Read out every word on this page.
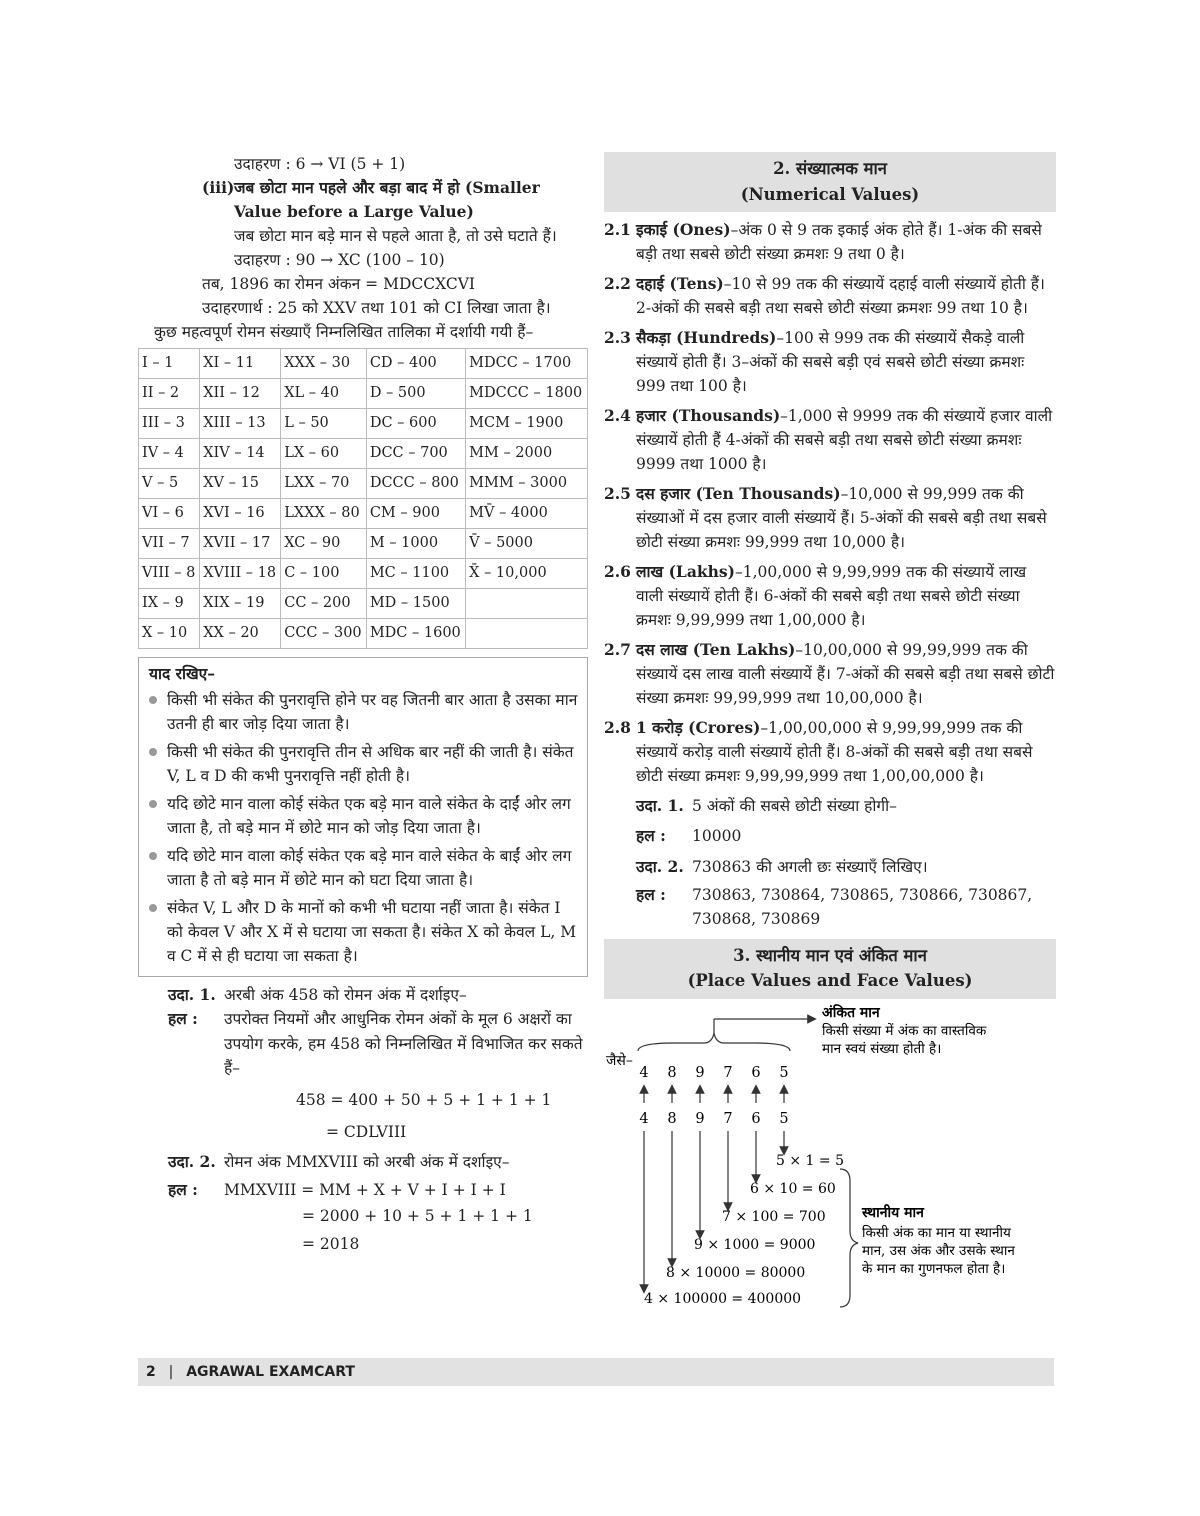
उदाहरण : 6 → VI (5 + 1)

(iii) जब छोटा मान पहले और बड़ा बाद में हो (Smaller Value before a Large Value)

जब छोटा मान बड़े मान से पहले आता है, तो उसे घटाते हैं।

उदाहरण : 90 → XC (100 – 10)

तब, 1896 का रोमन अंकन = MDCCXCVI

उदाहरणार्थ : 25 को XXV तथा 101 को CI लिखा जाता है।

कुछ महत्वपूर्ण रोमन संख्याएँ निम्नलिखित तालिका में दर्शायी गयी हैं–

I – 1	XI – 11	XXX – 30	CD – 400	MDCC – 1700
II – 2	XII – 12	XL – 40	D – 500	MDCCC – 1800
III – 3	XIII – 13	L – 50	DC – 600	MCM – 1900
IV – 4	XIV – 14	LX – 60	DCC – 700	MM – 2000
V – 5	XV – 15	LXX – 70	DCCC – 800	MMM – 3000
VI – 6	XVI – 16	LXXX – 80	CM – 900	MV̄ – 4000
VII – 7	XVII – 17	XC – 90	M – 1000	V̄ – 5000
VIII – 8	XVIII – 18	C – 100	MC – 1100	X̄ – 10,000
IX – 9	XIX – 19	CC – 200	MD – 1500	
X – 10	XX – 20	CCC – 300	MDC – 1600	

याद रखिए–

किसी भी संकेत की पुनरावृत्ति होने पर वह जितनी बार आता है उसका मान उतनी ही बार जोड़ दिया जाता है।
किसी भी संकेत की पुनरावृत्ति तीन से अधिक बार नहीं की जाती है। संकेत V, L व D की कभी पुनरावृत्ति नहीं होती है।
यदि छोटे मान वाला कोई संकेत एक बड़े मान वाले संकेत के दाईं ओर लग जाता है, तो बड़े मान में छोटे मान को जोड़ दिया जाता है।
यदि छोटे मान वाला कोई संकेत एक बड़े मान वाले संकेत के बाईं ओर लग जाता है तो बड़े मान में छोटे मान को घटा दिया जाता है।
संकेत V, L और D के मानों को कभी भी घटाया नहीं जाता है। संकेत I को केवल V और X में से घटाया जा सकता है। संकेत X को केवल L, M व C में से ही घटाया जा सकता है।
उदा. 1. अरबी अंक 458 को रोमन अंक में दर्शाइए–
हल :	उपरोक्त नियमों और आधुनिक रोमन अंकों के मूल 6 अक्षरों का उपयोग करके, हम 458 को निम्नलिखित में विभाजित कर सकते हैं–

458 = 400 + 50 + 5 + 1 + 1 + 1

= CDLVIII

उदा. 2. रोमन अंक MMXVIII को अरबी अंक में दर्शाइए–
हल :	MMXVIII = MM + X + V + I + I + I

= 2000 + 10 + 5 + 1 + 1 + 1

= 2018

2. संख्यात्मक मान
(Numerical Values)
2.1 इकाई (Ones)–अंक 0 से 9 तक इकाई अंक होते हैं। 1-अंक की सबसे बड़ी तथा सबसे छोटी संख्या क्रमशः 9 तथा 0 है।
2.2 दहाई (Tens)–10 से 99 तक की संख्यायें दहाई वाली संख्यायें होती हैं। 2-अंकों की सबसे बड़ी तथा सबसे छोटी संख्या क्रमशः 99 तथा 10 है।
2.3 सैकड़ा (Hundreds)–100 से 999 तक की संख्यायें सैकड़े वाली संख्यायें होती हैं। 3–अंकों की सबसे बड़ी एवं सबसे छोटी संख्या क्रमशः 999 तथा 100 है।
2.4 हजार (Thousands)–1,000 से 9999 तक की संख्यायें हजार वाली संख्यायें होती हैं 4-अंकों की सबसे बड़ी तथा सबसे छोटी संख्या क्रमशः 9999 तथा 1000 है।
2.5 दस हजार (Ten Thousands)–10,000 से 99,999 तक की संख्याओं में दस हजार वाली संख्यायें हैं। 5-अंकों की सबसे बड़ी तथा सबसे छोटी संख्या क्रमशः 99,999 तथा 10,000 है।
2.6 लाख (Lakhs)–1,00,000 से 9,99,999 तक की संख्यायें लाख वाली संख्यायें होती हैं। 6-अंकों की सबसे बड़ी तथा सबसे छोटी संख्या क्रमशः 9,99,999 तथा 1,00,000 है।
2.7 दस लाख (Ten Lakhs)–10,00,000 से 99,99,999 तक की संख्यायें दस लाख वाली संख्यायें हैं। 7-अंकों की सबसे बड़ी तथा सबसे छोटी संख्या क्रमशः 99,99,999 तथा 10,00,000 है।
2.8 1 करोड़ (Crores)–1,00,00,000 से 9,99,99,999 तक की संख्यायें करोड़ वाली संख्यायें होती हैं। 8-अंकों की सबसे बड़ी तथा सबसे छोटी संख्या क्रमशः 9,99,99,999 तथा 1,00,00,000 है।
उदा. 1. 5 अंकों की सबसे छोटी संख्या होगी–
हल :	10000
उदा. 2. 730863 की अगली छः संख्याएँ लिखिए।
हल :	730863, 730864, 730865, 730866, 730867, 730868, 730869
3. स्थानीय मान एवं अंकित मान
(Place Values and Face Values)
अंकित मान
किसी संख्या में अंक का वास्तविक
मान स्वयं संख्या होती है।
जैसे–
4
4
8
8
9
9
7
7
6
6
5
5
5 × 1 = 5
6 × 10 = 60
7 × 100 = 700
9 × 1000 = 9000
8 × 10000 = 80000
4 × 100000 = 400000
स्थानीय मान
किसी अंक का मान या स्थानीय
मान, उस अंक और उसके स्थान
के मान का गुणनफल होता है।
2 | AGRAWAL EXAMCART
